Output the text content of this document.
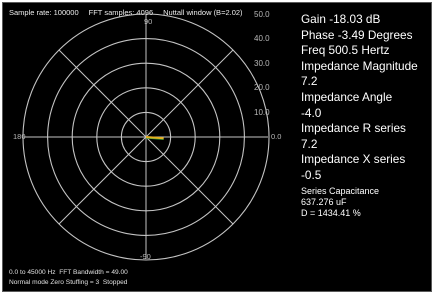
Sample rate: 100000 FFT samples: 4096 Nuttall window (B=2.02)
10.0
20.0
30.0
40.0
50.0
90
180	0.0
-90
Gain -18.03 dB
Phase -3.49 Degrees
Freq 500.5 Hertz
Impedance Magnitude
7.2
Impedance Angle
-4.0
Impedance R series
7.2
Impedance X series
-0.5
Series Capacitance
637.276 uF
D = 1434.41 %
0.0 to 45000 Hz  FFT Bandwidth = 49.00
Normal mode Zero Stuffing = 3  Stopped
